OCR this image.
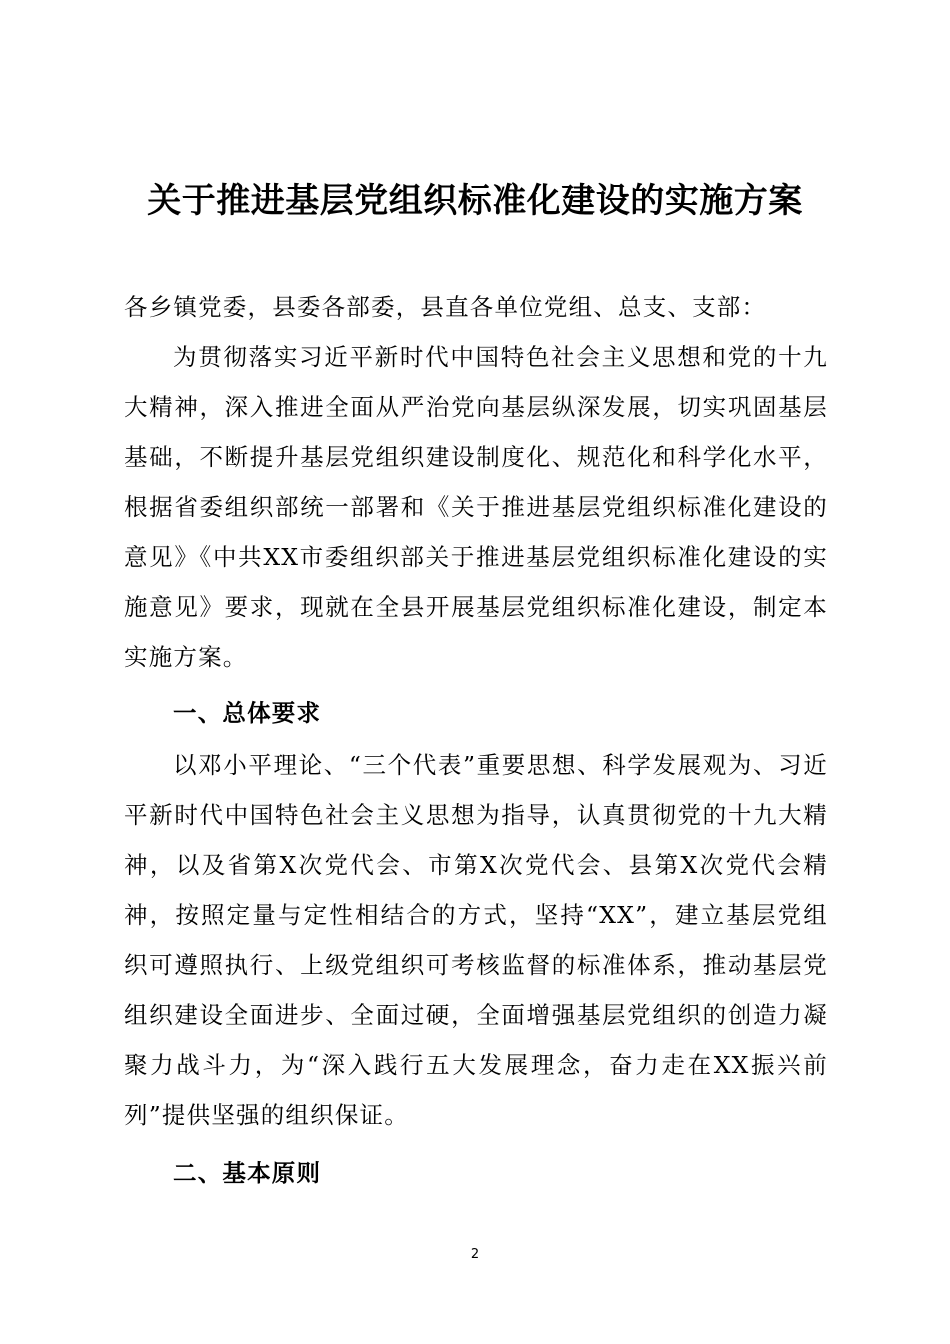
关于推进基层党组织标准化建设的实施方案
各乡镇党委，县委各部委，县直各单位党组、总支、支部：
为贯彻落实习近平新时代中国特色社会主义思想和党的十九大精神，深入推进全面从严治党向基层纵深发展，切实巩固基层基础，不断提升基层党组织建设制度化、规范化和科学化水平，根据省委组织部统一部署和《关于推进基层党组织标准化建设的意见》《中共XX市委组织部关于推进基层党组织标准化建设的实施意见》要求，现就在全县开展基层党组织标准化建设，制定本实施方案。
一、总体要求
以邓小平理论、“三个代表”重要思想、科学发展观为、习近平新时代中国特色社会主义思想为指导，认真贯彻党的十九大精神，以及省第X次党代会、市第X次党代会、县第X次党代会精神，按照定量与定性相结合的方式，坚持“XX”，建立基层党组织可遵照执行、上级党组织可考核监督的标准体系，推动基层党组织建设全面进步、全面过硬，全面增强基层党组织的创造力凝聚力战斗力，为“深入践行五大发展理念，奋力走在XX振兴前列”提供坚强的组织保证。
二、基本原则
2
